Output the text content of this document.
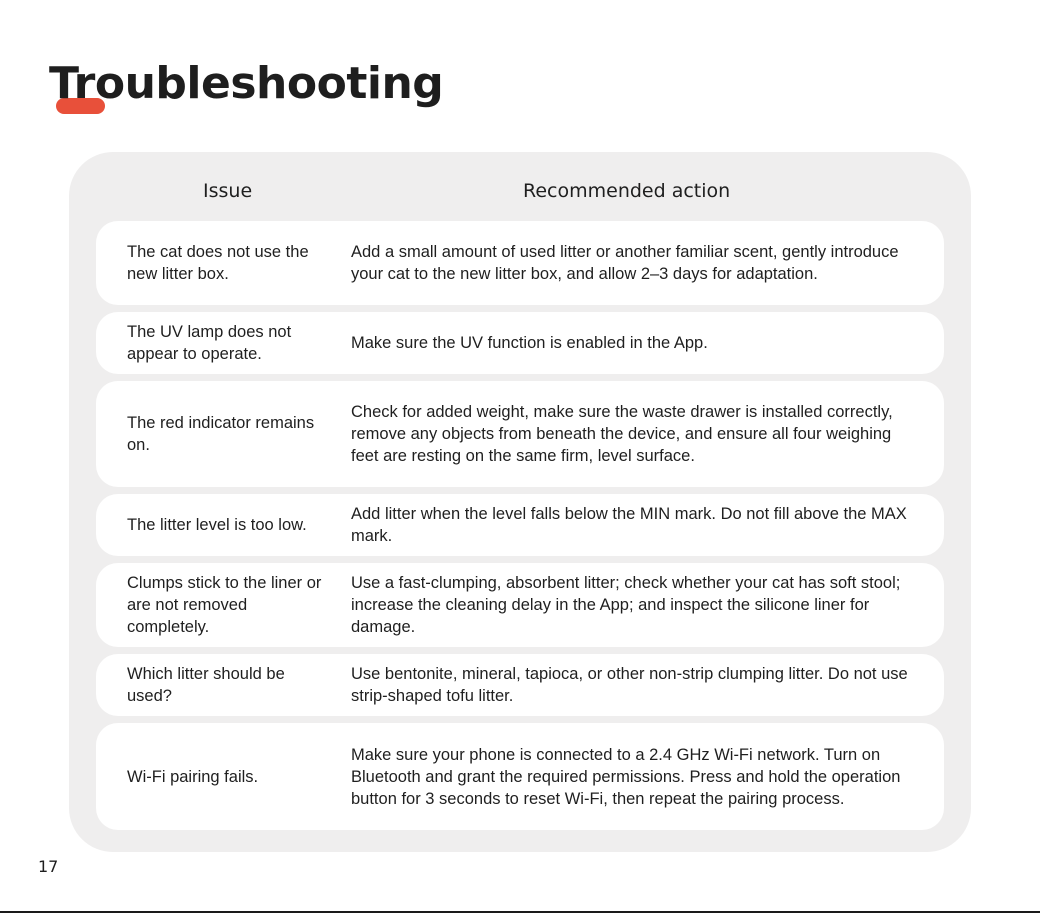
Troubleshooting
Issue	Recommended action
The cat does not use the new litter box.
Add a small amount of used litter or another familiar scent, gently introduce your cat to the new litter box, and allow 2–3 days for adaptation.
The UV lamp does not appear to operate.
Make sure the UV function is enabled in the App.
The red indicator remains on.
Check for added weight, make sure the waste drawer is installed correctly, remove any objects from beneath the device, and ensure all four weighing feet are resting on the same firm, level surface.
The litter level is too low.
Add litter when the level falls below the MIN mark. Do not fill above the MAX mark.
Clumps stick to the liner or are not removed completely.
Use a fast-clumping, absorbent litter; check whether your cat has soft stool; increase the cleaning delay in the App; and inspect the silicone liner for damage.
Which litter should be used?
Use bentonite, mineral, tapioca, or other non-strip clumping litter. Do not use strip-shaped tofu litter.
Wi-Fi pairing fails.
Make sure your phone is connected to a 2.4 GHz Wi-Fi network. Turn on Bluetooth and grant the required permissions. Press and hold the operation button for 3 seconds to reset Wi-Fi, then repeat the pairing process.
17
